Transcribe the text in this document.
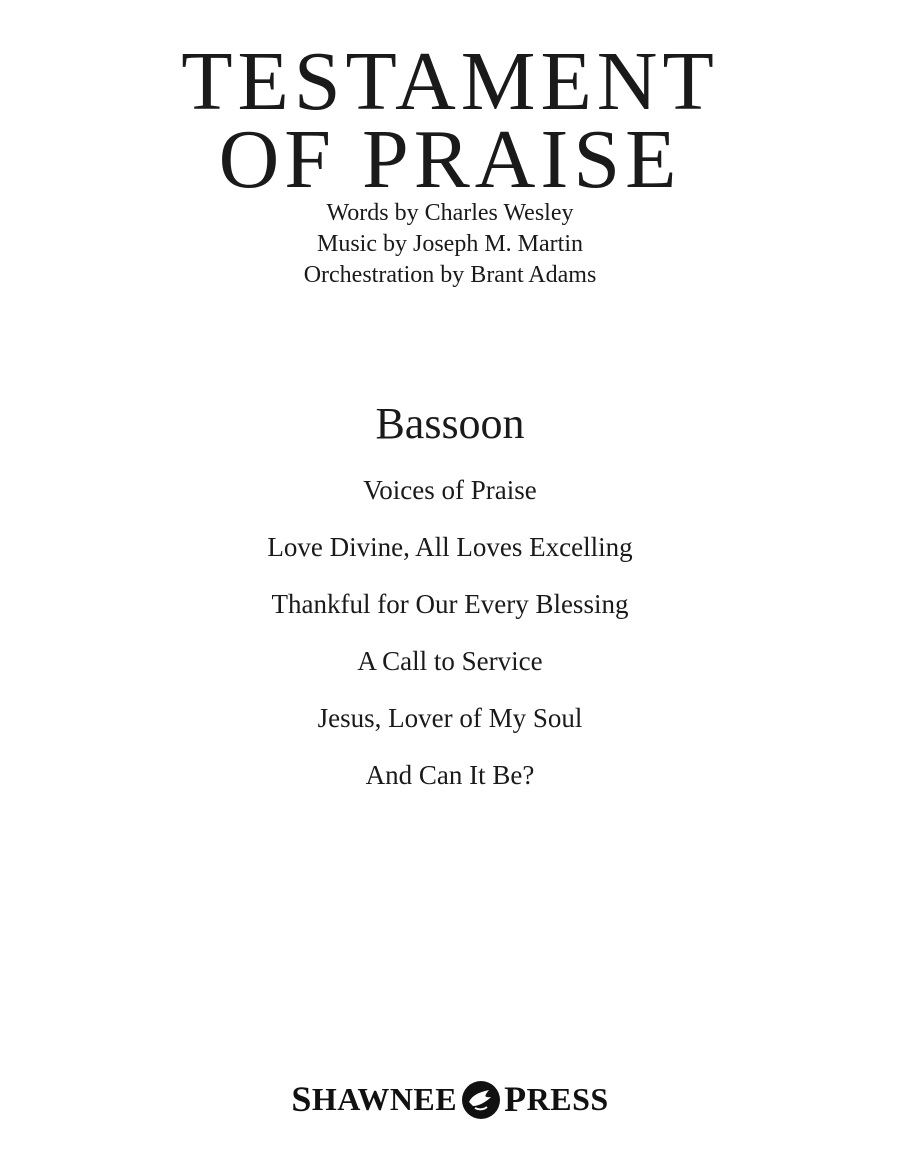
TESTAMENT
OF PRAISE
Words by Charles Wesley
Music by Joseph M. Martin
Orchestration by Brant Adams
Bassoon
Voices of Praise
Love Divine, All Loves Excelling
Thankful for Our Every Blessing
A Call to Service
Jesus, Lover of My Soul
And Can It Be?
S HAWNEE P RESS
